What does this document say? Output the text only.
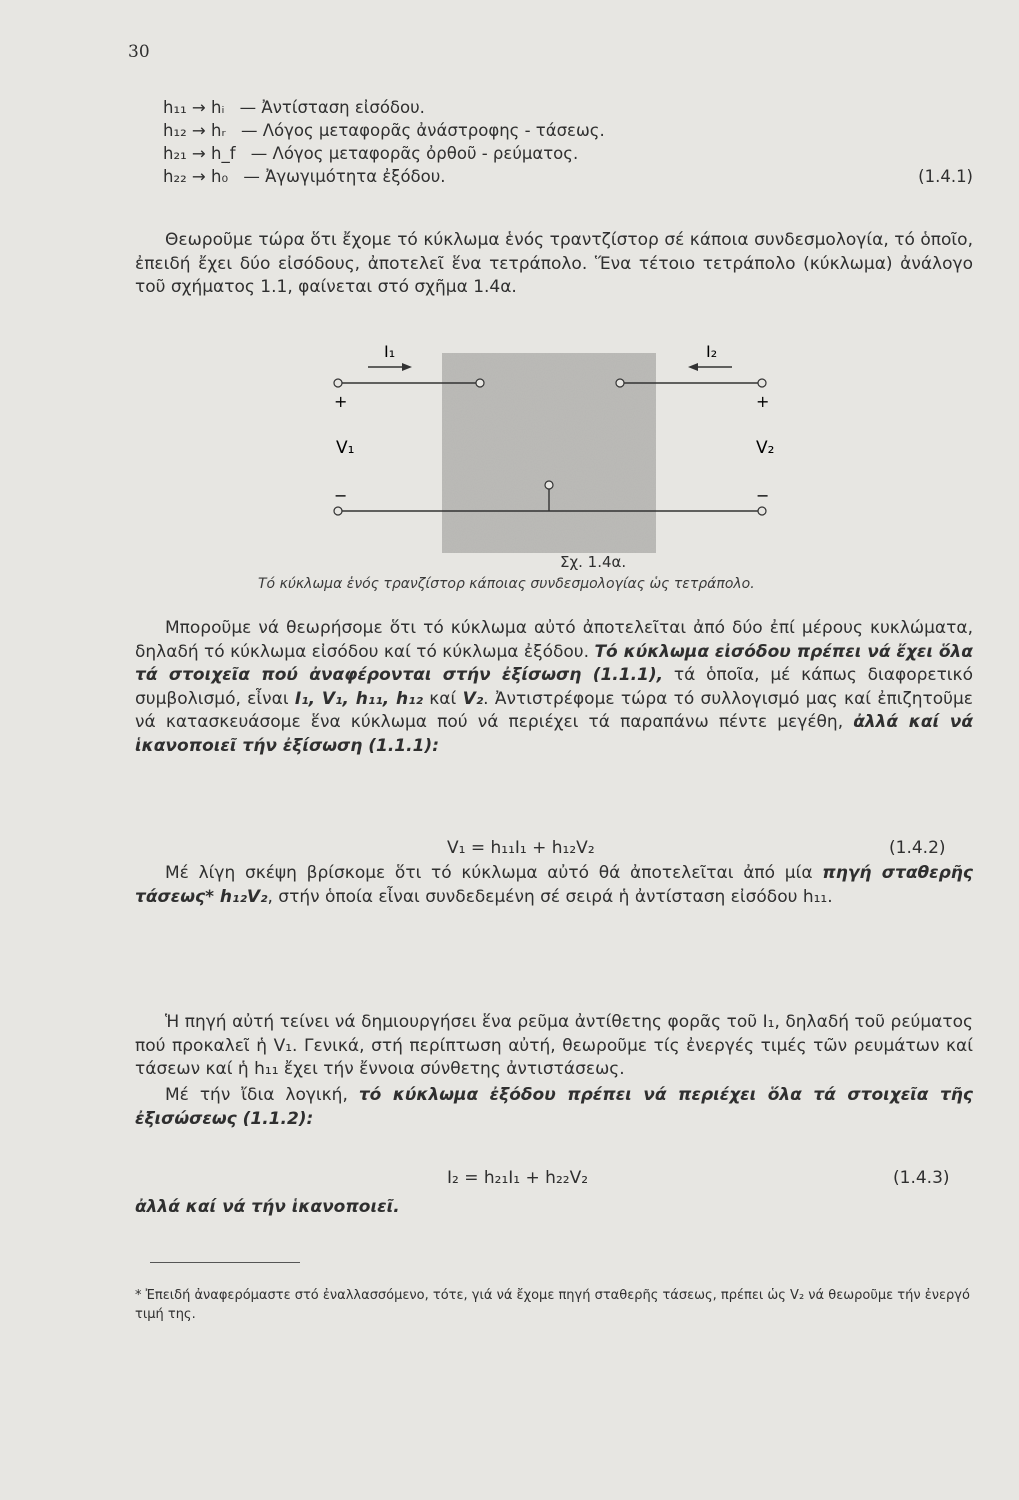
30
h₁₁ → hᵢ — Ἀντίσταση εἰσόδου.
h₁₂ → hᵣ — Λόγος μεταφορᾶς ἀνάστροφης - τάσεως.
h₂₁ → h_f — Λόγος μεταφορᾶς ὀρθοῦ - ρεύματος.
h₂₂ → h₀ — Ἀγωγιμότητα ἐξόδου.	(1.4.1)
Θεωροῦμε τώρα ὅτι ἔχομε τό κύκλωμα ἑνός τραντζίστορ σέ κάποια συνδεσμολογία, τό ὁποῖο, ἐπειδή ἔχει δύο εἰσόδους, ἀποτελεῖ ἕνα τετράπολο. Ἕνα τέτοιο τετράπολο (κύκλωμα) ἀνάλογο τοῦ σχήματος 1.1, φαίνεται στό σχῆμα 1.4α.
I₁	I₂
+	+
V₁	V₂
−	−
Σχ. 1.4α.
Τό κύκλωμα ἑνός τρανζίστορ κάποιας συνδεσμολογίας ὡς τετράπολο.
Μποροῦμε νά θεωρήσομε ὅτι τό κύκλωμα αὐτό ἀποτελεῖται ἀπό δύο ἐπί μέρους κυκλώματα, δηλαδή τό κύκλωμα εἰσόδου καί τό κύκλωμα ἐξόδου. Τό κύκλωμα εἰσόδου πρέπει νά ἔχει ὅλα τά στοιχεῖα πού ἀναφέρονται στήν ἐξίσωση (1.1.1), τά ὁποῖα, μέ κάπως διαφορετικό συμβολισμό, εἶναι I₁, V₁, h₁₁, h₁₂ καί V₂. Ἀντιστρέφομε τώρα τό συλλογισμό μας καί ἐπιζητοῦμε νά κατασκευάσομε ἕνα κύκλωμα πού νά περιέχει τά παραπάνω πέντε μεγέθη, ἀλλά καί νά ἱκανοποιεῖ τήν ἐξίσωση (1.1.1):
V₁ = h₁₁I₁ + h₁₂V₂	(1.4.2)
Μέ λίγη σκέψη βρίσκομε ὅτι τό κύκλωμα αὐτό θά ἀποτελεῖται ἀπό μία πηγή σταθερῆς τάσεως* h₁₂V₂, στήν ὁποία εἶναι συνδεδεμένη σέ σειρά ἡ ἀντίσταση εἰσόδου h₁₁.
Ἡ πηγή αὐτή τείνει νά δημιουργήσει ἕνα ρεῦμα ἀντίθετης φορᾶς τοῦ I₁, δηλαδή τοῦ ρεύματος πού προκαλεῖ ἡ V₁. Γενικά, στή περίπτωση αὐτή, θεωροῦμε τίς ἐνεργές τιμές τῶν ρευμάτων καί τάσεων καί ἡ h₁₁ ἔχει τήν ἔννοια σύνθετης ἀντιστάσεως.
Μέ τήν ἴδια λογική, τό κύκλωμα ἐξόδου πρέπει νά περιέχει ὅλα τά στοιχεῖα τῆς ἐξισώσεως (1.1.2):
I₂ = h₂₁I₁ + h₂₂V₂	(1.4.3)
ἀλλά καί νά τήν ἱκανοποιεῖ.
* Ἐπειδή ἀναφερόμαστε στό ἐναλλασσόμενο, τότε, γιά νά ἔχομε πηγή σταθερῆς τάσεως, πρέπει ὡς V₂ νά θεωροῦμε τήν ἐνεργό τιμή της.
